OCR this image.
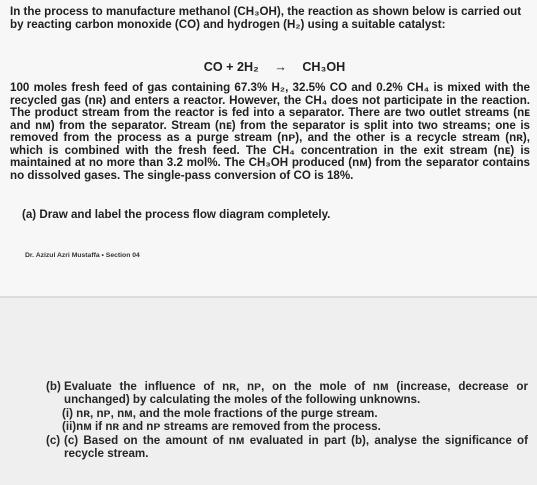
In the process to manufacture methanol (CH₃OH), the reaction as shown below is carried out by reacting carbon monoxide (CO) and hydrogen (H₂) using a suitable catalyst:
CO + 2H₂ → CH₃OH
100 moles fresh feed of gas containing 67.3% H₂, 32.5% CO and 0.2% CH₄ is mixed with the recycled gas (nʀ) and enters a reactor. However, the CH₄ does not participate in the reaction. The product stream from the reactor is fed into a separator. There are two outlet streams (nᴇ and nᴍ) from the separator. Stream (nᴇ) from the separator is split into two streams; one is removed from the process as a purge stream (nᴘ), and the other is a recycle stream (nʀ), which is combined with the fresh feed. The CH₄ concentration in the exit stream (nᴇ) is maintained at no more than 3.2 mol%. The CH₃OH produced (nᴍ) from the separator contains no dissolved gases. The single-pass conversion of CO is 18%.
(a) Draw and label the process flow diagram completely.
Dr. Azizul Azri Mustaffa • Section 04
(b) Evaluate the influence of nʀ, nᴘ, on the mole of nᴍ (increase, decrease or unchanged) by calculating the moles of the following unknowns.
(i) nʀ, nᴘ, nᴍ, and the mole fractions of the purge stream.
(ii)nᴍ if nʀ and nᴘ streams are removed from the process.
(c) (c) Based on the amount of nᴍ evaluated in part (b), analyse the significance of recycle stream.
